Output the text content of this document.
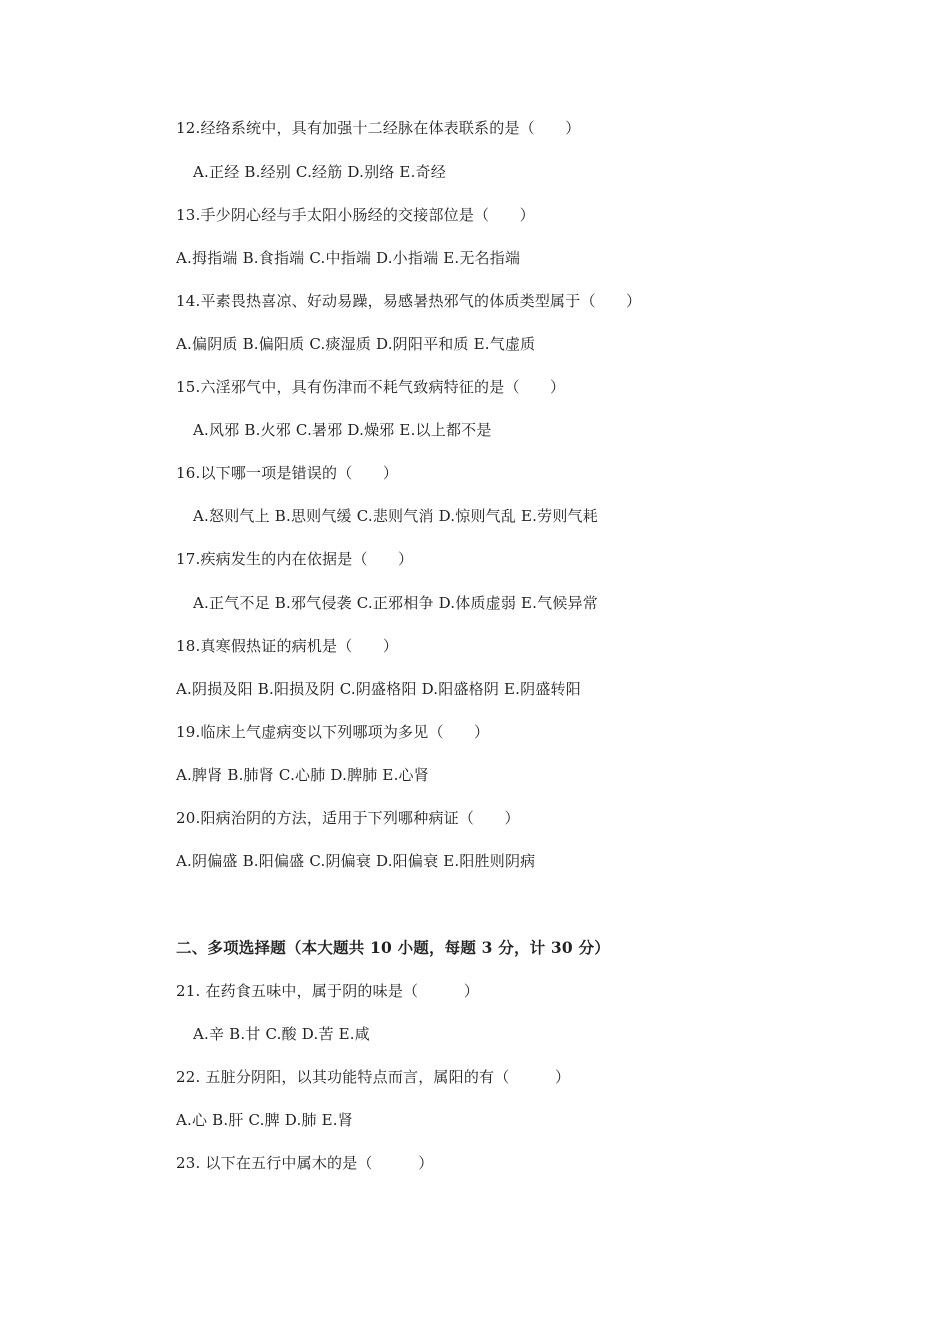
12.经络系统中，具有加强十二经脉在体表联系的是（　　）
A.正经 B.经别 C.经筋 D.别络 E.奇经
13.手少阴心经与手太阳小肠经的交接部位是（　　）
A.拇指端 B.食指端 C.中指端 D.小指端 E.无名指端
14.平素畏热喜凉、好动易躁，易感暑热邪气的体质类型属于（　　）
A.偏阴质 B.偏阳质 C.痰湿质 D.阴阳平和质 E.气虚质
15.六淫邪气中，具有伤津而不耗气致病特征的是（　　）
A.风邪 B.火邪 C.暑邪 D.燥邪 E.以上都不是
16.以下哪一项是错误的（　　）
A.怒则气上 B.思则气缓 C.悲则气消 D.惊则气乱 E.劳则气耗
17.疾病发生的内在依据是（　　）
A.正气不足 B.邪气侵袭 C.正邪相争 D.体质虚弱 E.气候异常
18.真寒假热证的病机是（　　）
A.阴损及阳 B.阳损及阴 C.阴盛格阳 D.阳盛格阴 E.阴盛转阳
19.临床上气虚病变以下列哪项为多见（　　）
A.脾肾 B.肺肾 C.心肺 D.脾肺 E.心肾
20.阳病治阴的方法，适用于下列哪种病证（　　）
A.阴偏盛 B.阳偏盛 C.阴偏衰 D.阳偏衰 E.阳胜则阴病
二、多项选择题（本大题共 10 小题，每题 3 分，计 30 分）
21. 在药食五味中，属于阴的味是（　　　）
A.辛 B.甘 C.酸 D.苦 E.咸
22. 五脏分阴阳，以其功能特点而言，属阳的有（　　　）
A.心 B.肝 C.脾 D.肺 E.肾
23. 以下在五行中属木的是（　　　）
